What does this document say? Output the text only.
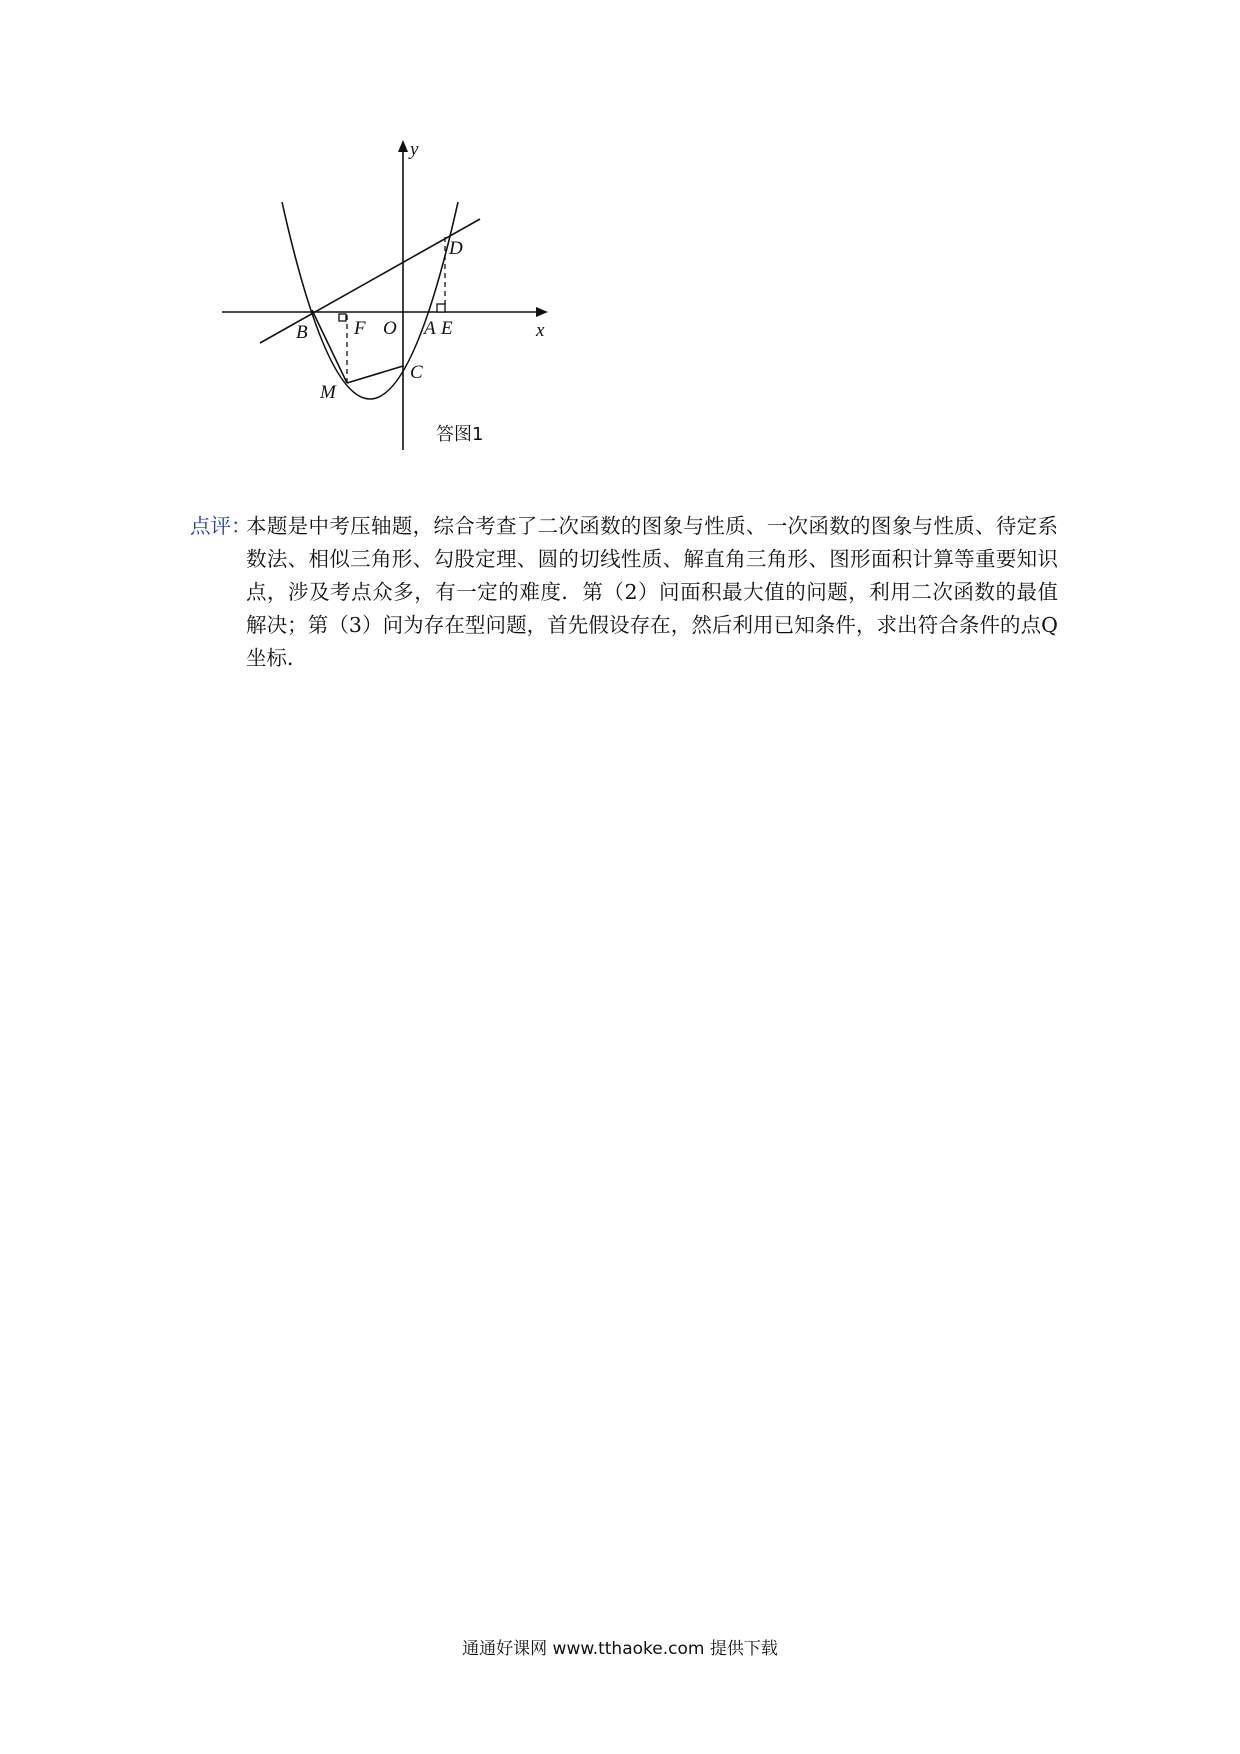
y
x
O
B F	A E
D
C
M
答图1
点评：
本题是中考压轴题，综合考查了二次函数的图象与性质、一次函数的图象与性质、待定系数法、相似三角形、勾股定理、圆的切线性质、解直角三角形、图形面积计算等重要知识点，涉及考点众多，有一定的难度．第（2）问面积最大值的问题，利用二次函数的最值解决；第（3）问为存在型问题，首先假设存在，然后利用已知条件，求出符合条件的点Q坐标．
通通好课网 www.tthaoke.com 提供下载
